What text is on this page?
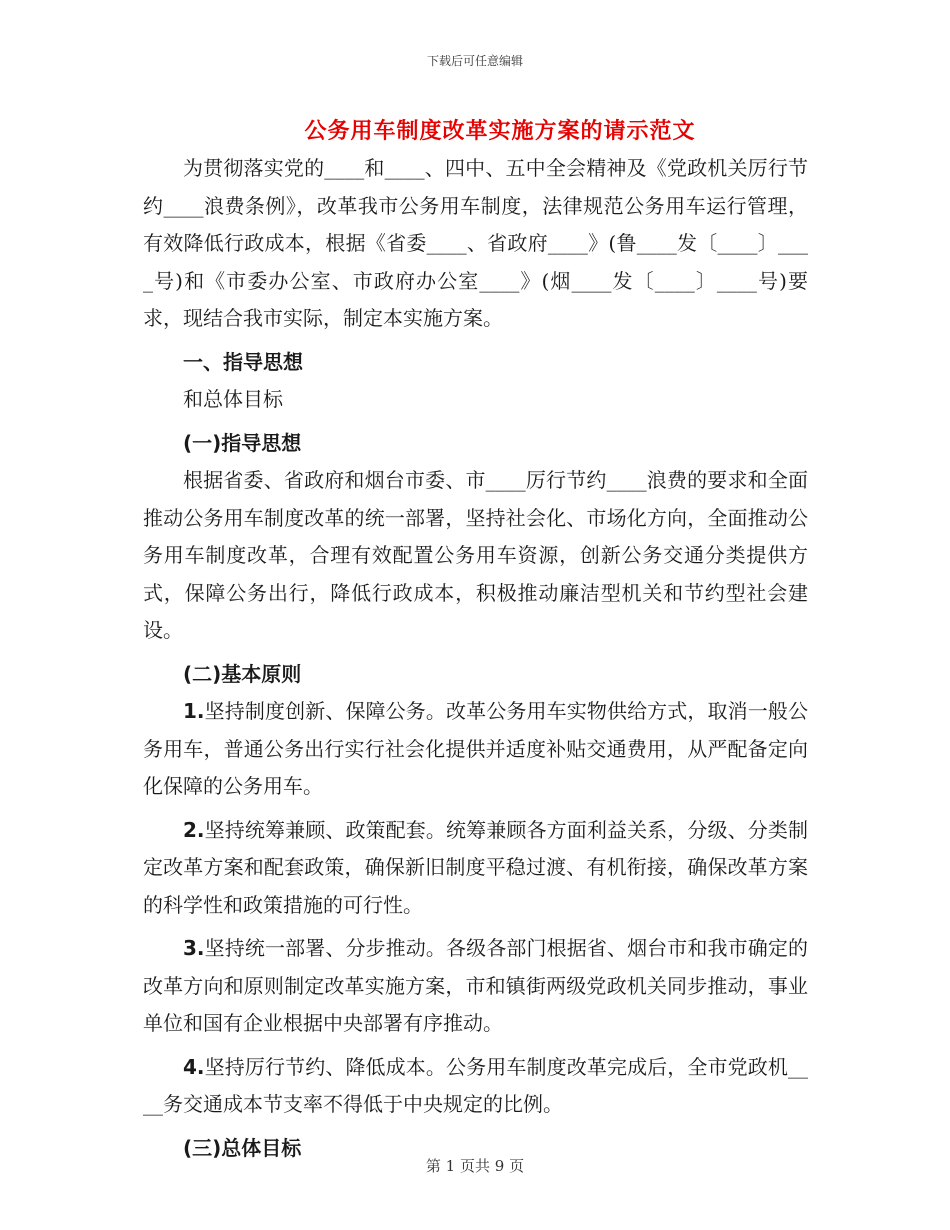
下载后可任意编辑
公务用车制度改革实施方案的请示范文

为贯彻落实党的____和____、四中、五中全会精神及《党政机关厉行节约____浪费条例》，改革我市公务用车制度，法律规范公务用车运行管理，有效降低行政成本，根据《省委____、省政府____》(鲁____发〔____〕____号)和《市委办公室、市政府办公室____》(烟____发〔____〕____号)要求，现结合我市实际，制定本实施方案。

一、指导思想

和总体目标

(一)指导思想

根据省委、省政府和烟台市委、市____厉行节约____浪费的要求和全面推动公务用车制度改革的统一部署，坚持社会化、市场化方向，全面推动公务用车制度改革，合理有效配置公务用车资源，创新公务交通分类提供方式，保障公务出行，降低行政成本，积极推动廉洁型机关和节约型社会建设。

(二)基本原则

1.坚持制度创新、保障公务。改革公务用车实物供给方式，取消一般公务用车，普通公务出行实行社会化提供并适度补贴交通费用，从严配备定向化保障的公务用车。

2.坚持统筹兼顾、政策配套。统筹兼顾各方面利益关系，分级、分类制定改革方案和配套政策，确保新旧制度平稳过渡、有机衔接，确保改革方案的科学性和政策措施的可行性。

3.坚持统一部署、分步推动。各级各部门根据省、烟台市和我市确定的改革方向和原则制定改革实施方案，市和镇街两级党政机关同步推动，事业单位和国有企业根据中央部署有序推动。

4.坚持厉行节约、降低成本。公务用车制度改革完成后，全市党政机____务交通成本节支率不得低于中央规定的比例。

(三)总体目标

第 1 页共 9 页
